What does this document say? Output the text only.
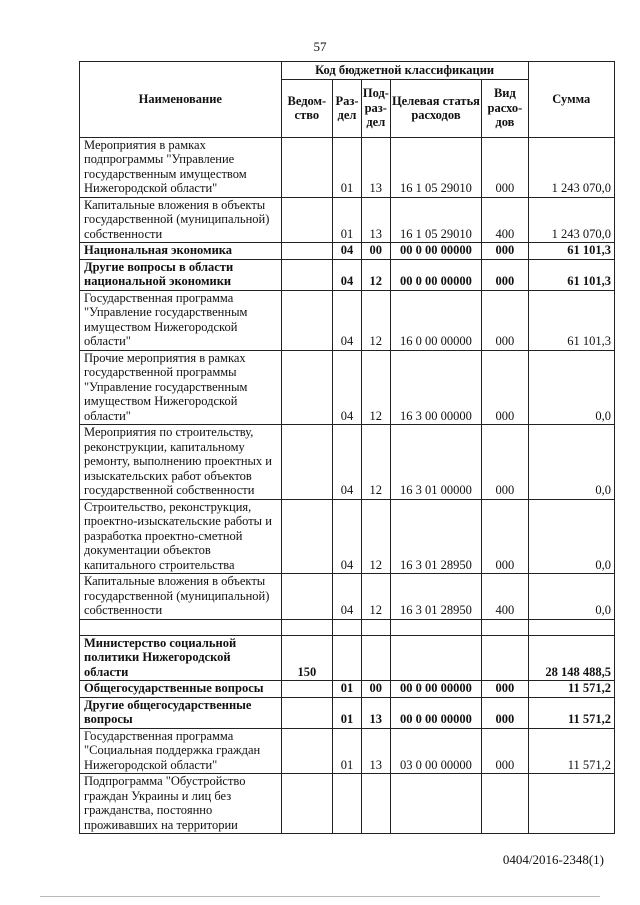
57
Наименование	Код бюджетной классификации					Сумма
	Ведом-ство	Раз-дел	Под-раз-дел	Целевая статья расходов	Вид расхо-дов	
Мероприятия в рамках подпрограммы "Управление государственным имуществом Нижегородской области"		01	13	16 1 05 29010	000	1 243 070,0
Капитальные вложения в объекты государственной (муниципальной) собственности		01	13	16 1 05 29010	400	1 243 070,0
Национальная экономика		04	00	00 0 00 00000	000	61 101,3
Другие вопросы в области национальной экономики		04	12	00 0 00 00000	000	61 101,3
Государственная программа "Управление государственным имуществом Нижегородской области"		04	12	16 0 00 00000	000	61 101,3
Прочие мероприятия в рамках государственной программы "Управление государственным имуществом Нижегородской области"		04	12	16 3 00 00000	000	0,0
Мероприятия по строительству, реконструкции, капитальному ремонту, выполнению проектных и изыскательских работ объектов государственной собственности		04	12	16 3 01 00000	000	0,0
Строительство, реконструкция, проектно-изыскательские работы и разработка проектно-сметной документации объектов капитального строительства		04	12	16 3 01 28950	000	0,0
Капитальные вложения в объекты государственной (муниципальной) собственности		04	12	16 3 01 28950	400	0,0

Министерство социальной политики Нижегородской области	150					28 148 488,5
Общегосударственные вопросы		01	00	00 0 00 00000	000	11 571,2
Другие общегосударственные вопросы		01	13	00 0 00 00000	000	11 571,2
Государственная программа "Социальная поддержка граждан Нижегородской области"		01	13	03 0 00 00000	000	11 571,2
Подпрограмма "Обустройство граждан Украины и лиц без гражданства, постоянно проживавших на территории						
0404/2016-2348(1)
